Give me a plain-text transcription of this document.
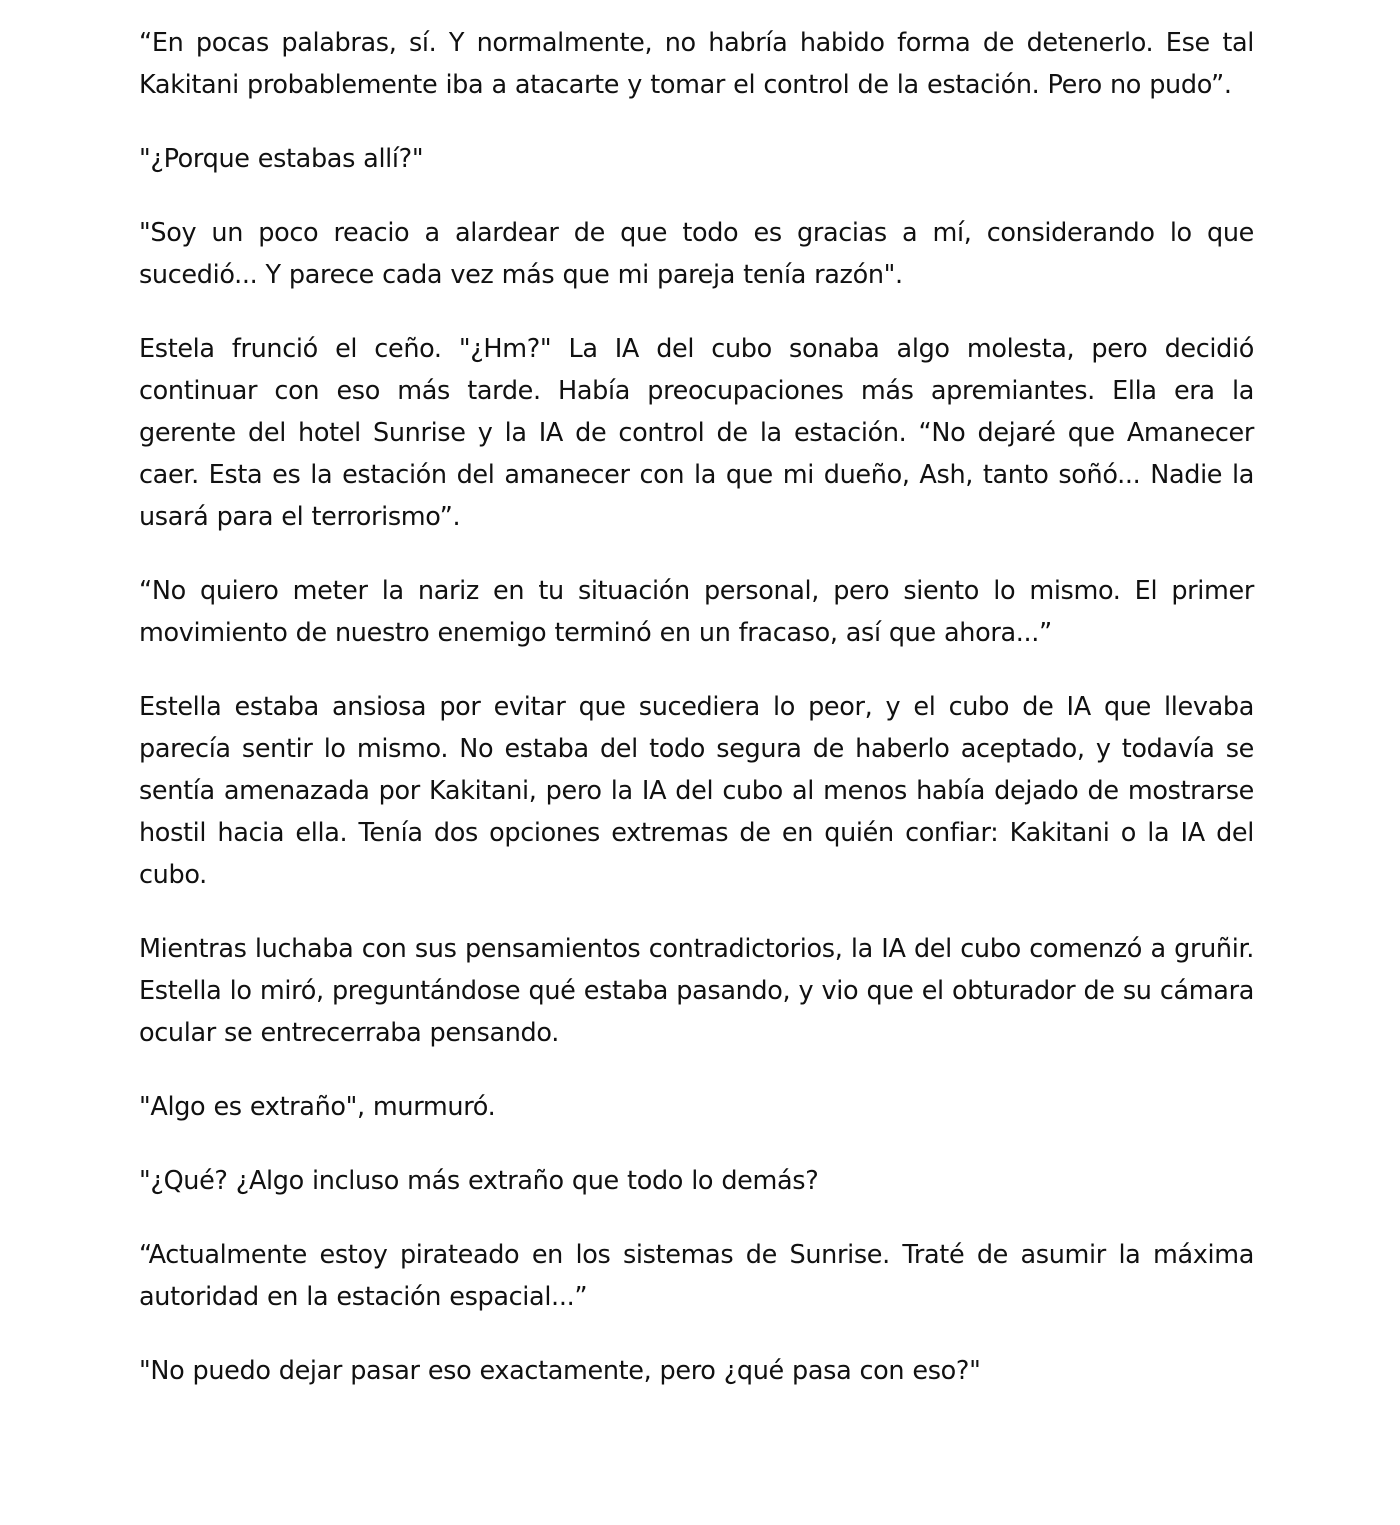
“En pocas palabras, sí. Y normalmente, no habría habido forma de detenerlo. Ese tal Kakitani probablemente iba a atacarte y tomar el control de la estación. Pero no pudo”.

"¿Porque estabas allí?"

"Soy un poco reacio a alardear de que todo es gracias a mí, considerando lo que sucedió... Y parece cada vez más que mi pareja tenía razón".

Estela frunció el ceño. "¿Hm?" La IA del cubo sonaba algo molesta, pero decidió continuar con eso más tarde. Había preocupaciones más apremiantes. Ella era la gerente del hotel Sunrise y la IA de control de la estación. “No dejaré que Amanecer caer. Esta es la estación del amanecer con la que mi dueño, Ash, tanto soñó... Nadie la usará para el terrorismo”.

“No quiero meter la nariz en tu situación personal, pero siento lo mismo. El primer movimiento de nuestro enemigo terminó en un fracaso, así que ahora...”

Estella estaba ansiosa por evitar que sucediera lo peor, y el cubo de IA que llevaba parecía sentir lo mismo. No estaba del todo segura de haberlo aceptado, y todavía se sentía amenazada por Kakitani, pero la IA del cubo al menos había dejado de mostrarse hostil hacia ella. Tenía dos opciones extremas de en quién confiar: Kakitani o la IA del cubo.

Mientras luchaba con sus pensamientos contradictorios, la IA del cubo comenzó a gruñir. Estella lo miró, preguntándose qué estaba pasando, y vio que el obturador de su cámara ocular se entrecerraba pensando.

"Algo es extraño", murmuró.

"¿Qué? ¿Algo incluso más extraño que todo lo demás?

“Actualmente estoy pirateado en los sistemas de Sunrise. Traté de asumir la máxima autoridad en la estación espacial...”

"No puedo dejar pasar eso exactamente, pero ¿qué pasa con eso?"
